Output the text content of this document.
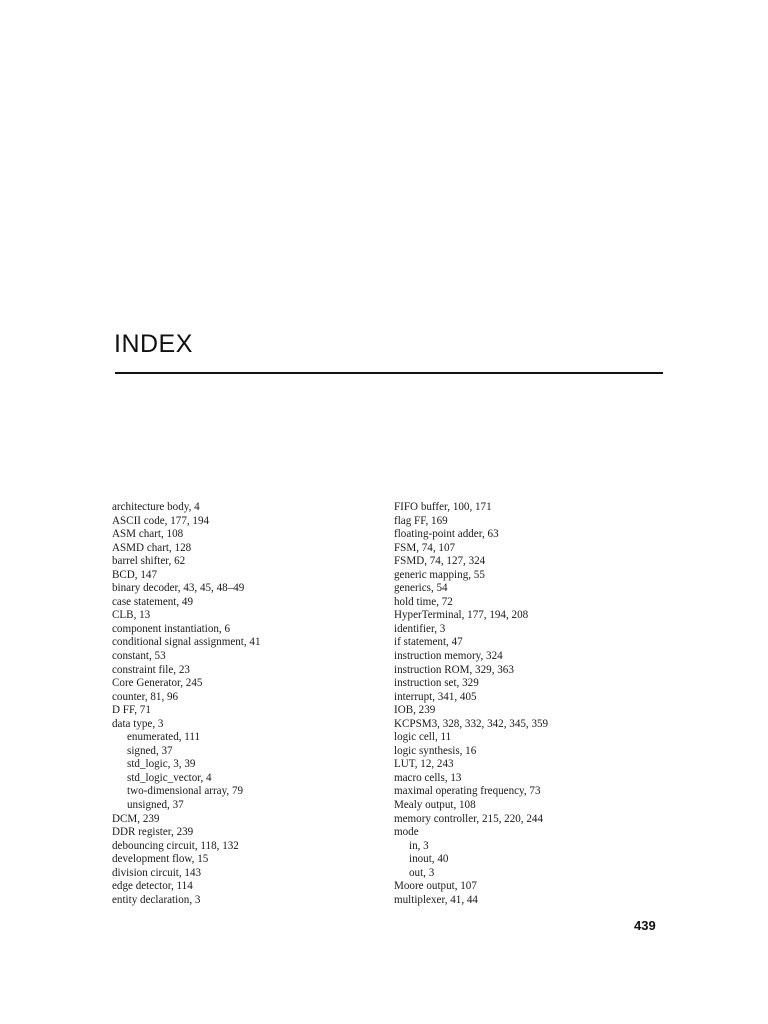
INDEX
architecture body, 4
ASCII code, 177, 194
ASM chart, 108
ASMD chart, 128
barrel shifter, 62
BCD, 147
binary decoder, 43, 45, 48–49
case statement, 49
CLB, 13
component instantiation, 6
conditional signal assignment, 41
constant, 53
constraint file, 23
Core Generator, 245
counter, 81, 96
D FF, 71
data type, 3
enumerated, 111
signed, 37
std_logic, 3, 39
std_logic_vector, 4
two-dimensional array, 79
unsigned, 37
DCM, 239
DDR register, 239
debouncing circuit, 118, 132
development flow, 15
division circuit, 143
edge detector, 114
entity declaration, 3
FIFO buffer, 100, 171
flag FF, 169
floating-point adder, 63
FSM, 74, 107
FSMD, 74, 127, 324
generic mapping, 55
generics, 54
hold time, 72
HyperTerminal, 177, 194, 208
identifier, 3
if statement, 47
instruction memory, 324
instruction ROM, 329, 363
instruction set, 329
interrupt, 341, 405
IOB, 239
KCPSM3, 328, 332, 342, 345, 359
logic cell, 11
logic synthesis, 16
LUT, 12, 243
macro cells, 13
maximal operating frequency, 73
Mealy output, 108
memory controller, 215, 220, 244
mode
in, 3
inout, 40
out, 3
Moore output, 107
multiplexer, 41, 44
439
